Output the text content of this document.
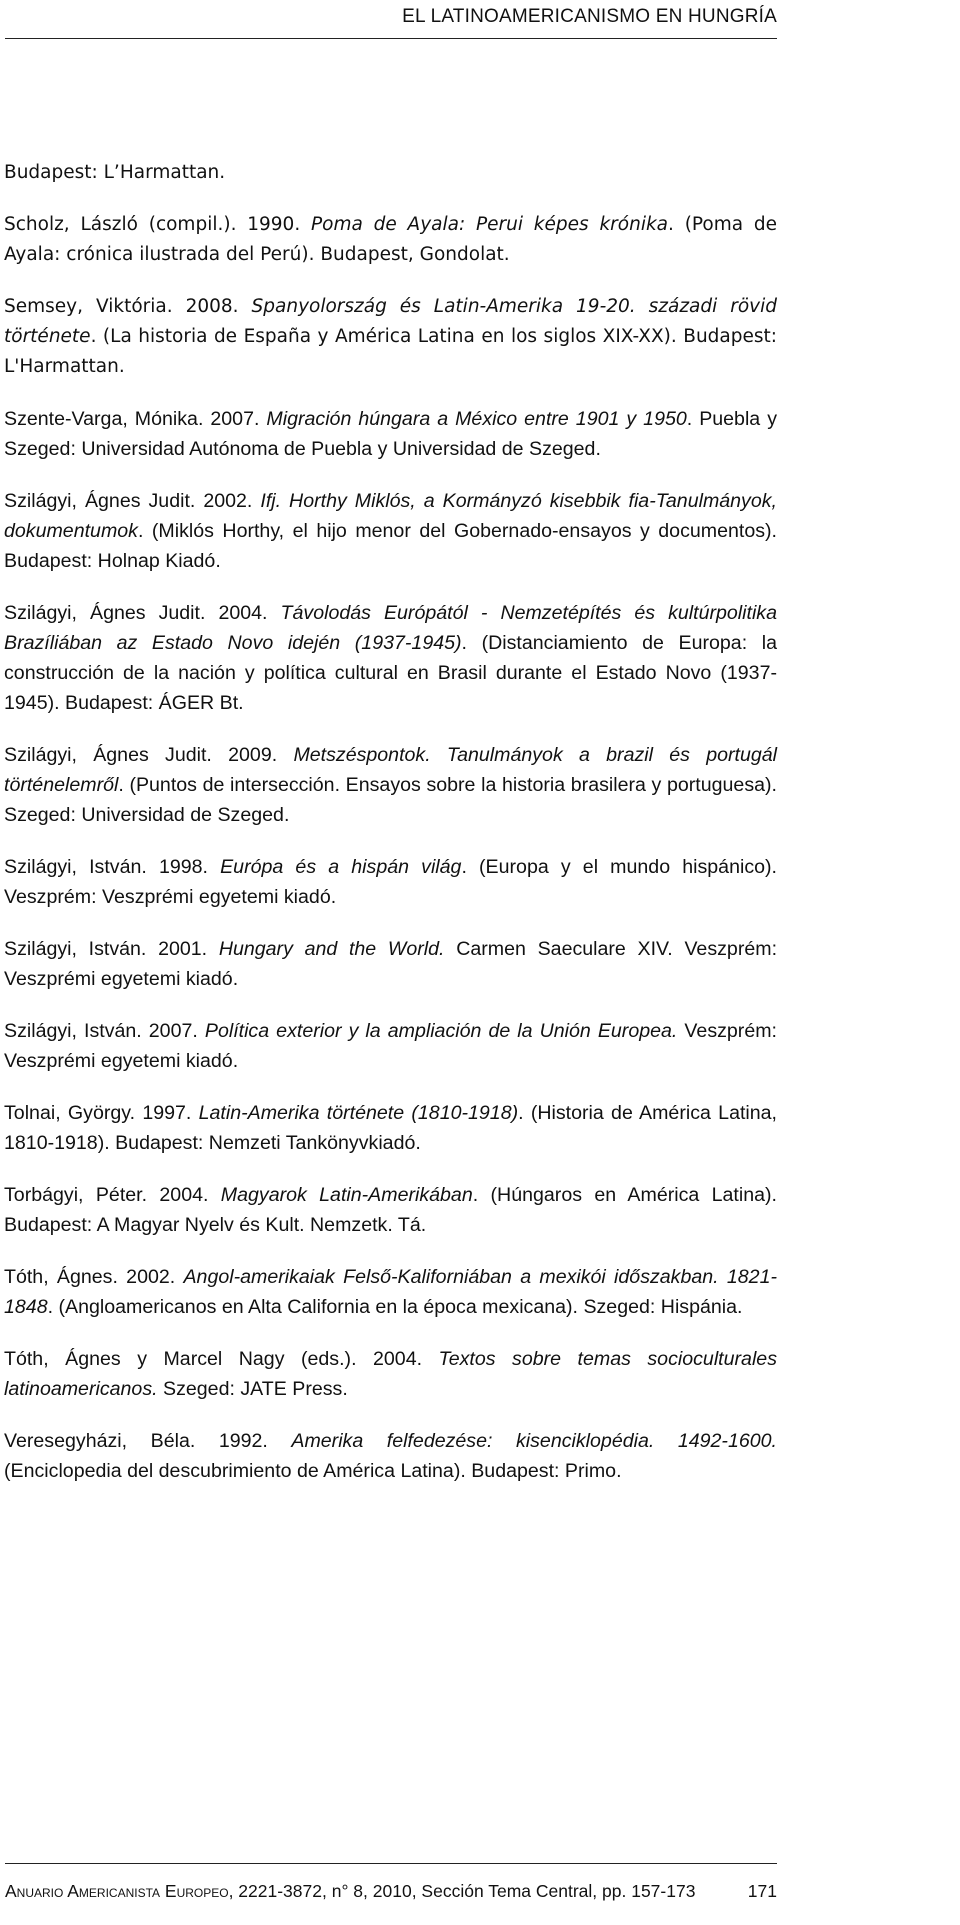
EL LATINOAMERICANISMO EN HUNGRÍA

Budapest: L’Harmattan.

Scholz, László (compil.). 1990. Poma de Ayala: Perui képes krónika. (Poma de Ayala: crónica ilustrada del Perú). Budapest, Gondolat.

Semsey, Viktória. 2008. Spanyolország és Latin-Amerika 19-20. századi rövid története. (La historia de España y América Latina en los siglos XIX-XX). Budapest: L'Harmattan.

Szente-Varga, Mónika. 2007. Migración húngara a México entre 1901 y 1950. Puebla y Szeged: Universidad Autónoma de Puebla y Universidad de Szeged.

Szilágyi, Ágnes Judit. 2002. Ifj. Horthy Miklós, a Kormányzó kisebbik fia-Tanulmányok, dokumentumok. (Miklós Horthy, el hijo menor del Gobernado-ensayos y documentos). Budapest: Holnap Kiadó.

Szilágyi, Ágnes Judit. 2004. Távolodás Európától - Nemzetépítés és kultúrpolitika Brazíliában az Estado Novo idején (1937-1945). (Distanciamiento de Europa: la construcción de la nación y política cultural en Brasil durante el Estado Novo (1937-1945). Budapest: ÁGER Bt.

Szilágyi, Ágnes Judit. 2009. Metszéspontok. Tanulmányok a brazil és portugál történelemről. (Puntos de intersección. Ensayos sobre la historia brasilera y portuguesa). Szeged: Universidad de Szeged.

Szilágyi, István. 1998. Európa és a hispán világ. (Europa y el mundo hispánico). Veszprém: Veszprémi egyetemi kiadó.

Szilágyi, István. 2001. Hungary and the World. Carmen Saeculare XIV. Veszprém: Veszprémi egyetemi kiadó.

Szilágyi, István. 2007. Política exterior y la ampliación de la Unión Europea. Veszprém: Veszprémi egyetemi kiadó.

Tolnai, György. 1997. Latin-Amerika története (1810-1918). (Historia de América Latina, 1810-1918). Budapest: Nemzeti Tankönyvkiadó.

Torbágyi, Péter. 2004. Magyarok Latin-Amerikában. (Húngaros en América Latina). Budapest: A Magyar Nyelv és Kult. Nemzetk. Tá.

Tóth, Ágnes. 2002. Angol-amerikaiak Felső-Kaliforniában a mexikói időszakban. 1821-1848. (Angloamericanos en Alta California en la época mexicana). Szeged: Hispánia.

Tóth, Ágnes y Marcel Nagy (eds.). 2004. Textos sobre temas socioculturales latinoamericanos. Szeged: JATE Press.

Veresegyházi, Béla. 1992. Amerika felfedezése: kisenciklopédia. 1492-1600. (Enciclopedia del descubrimiento de América Latina). Budapest: Primo.

Anuario Americanista Europeo, 2221-3872, n° 8, 2010, Sección Tema Central, pp. 157-173	171
